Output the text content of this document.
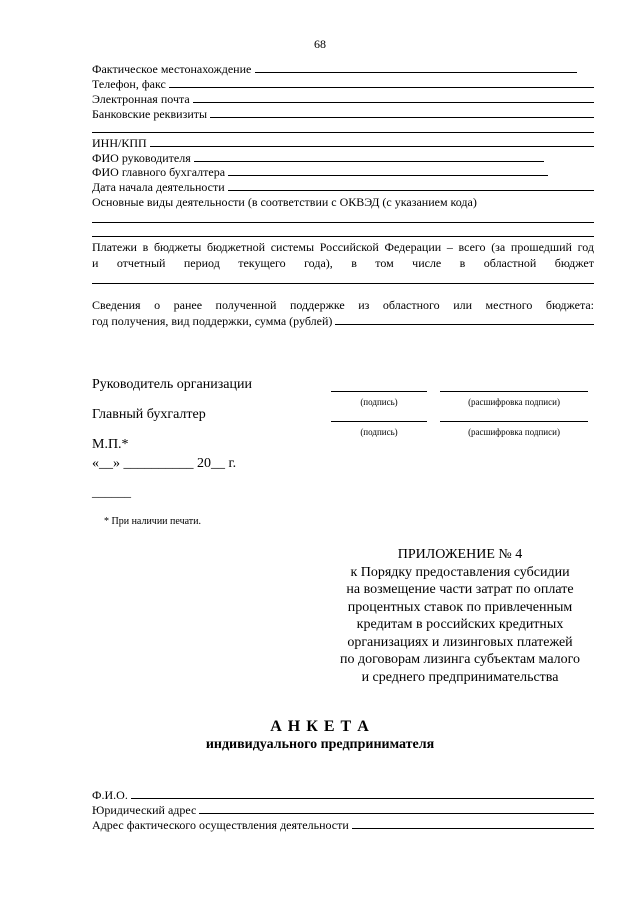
68
Фактическое местонахождение
Телефон, факс
Электронная почта
Банковские реквизиты
ИНН/КПП
ФИО руководителя
ФИО главного бухгалтера
Дата начала деятельности
Основные виды деятельности (в соответствии с ОКВЭД (с указанием кода)
Платежи в бюджеты бюджетной системы Российской Федерации – всего (за прошедший год
и отчетный период текущего года), в том числе в областной бюджет
Сведения о ранее полученной поддержке из областного или местного бюджета:
год получения, вид поддержки, сумма (рублей)
Руководитель организации
(подпись)	(расшифровка подписи)
Главный бухгалтер
(подпись)	(расшифровка подписи)
М.П.*
«__» __________ 20__ г.
______
* При наличии печати.
ПРИЛОЖЕНИЕ № 4
к Порядку предоставления субсидии
на возмещение части затрат по оплате
процентных ставок по привлеченным
кредитам в российских кредитных
организациях и лизинговых платежей
по договорам лизинга субъектам малого
и среднего предпринимательства
А Н К Е Т А
индивидуального предпринимателя
Ф.И.О.
Юридический адрес
Адрес фактического осуществления деятельности
